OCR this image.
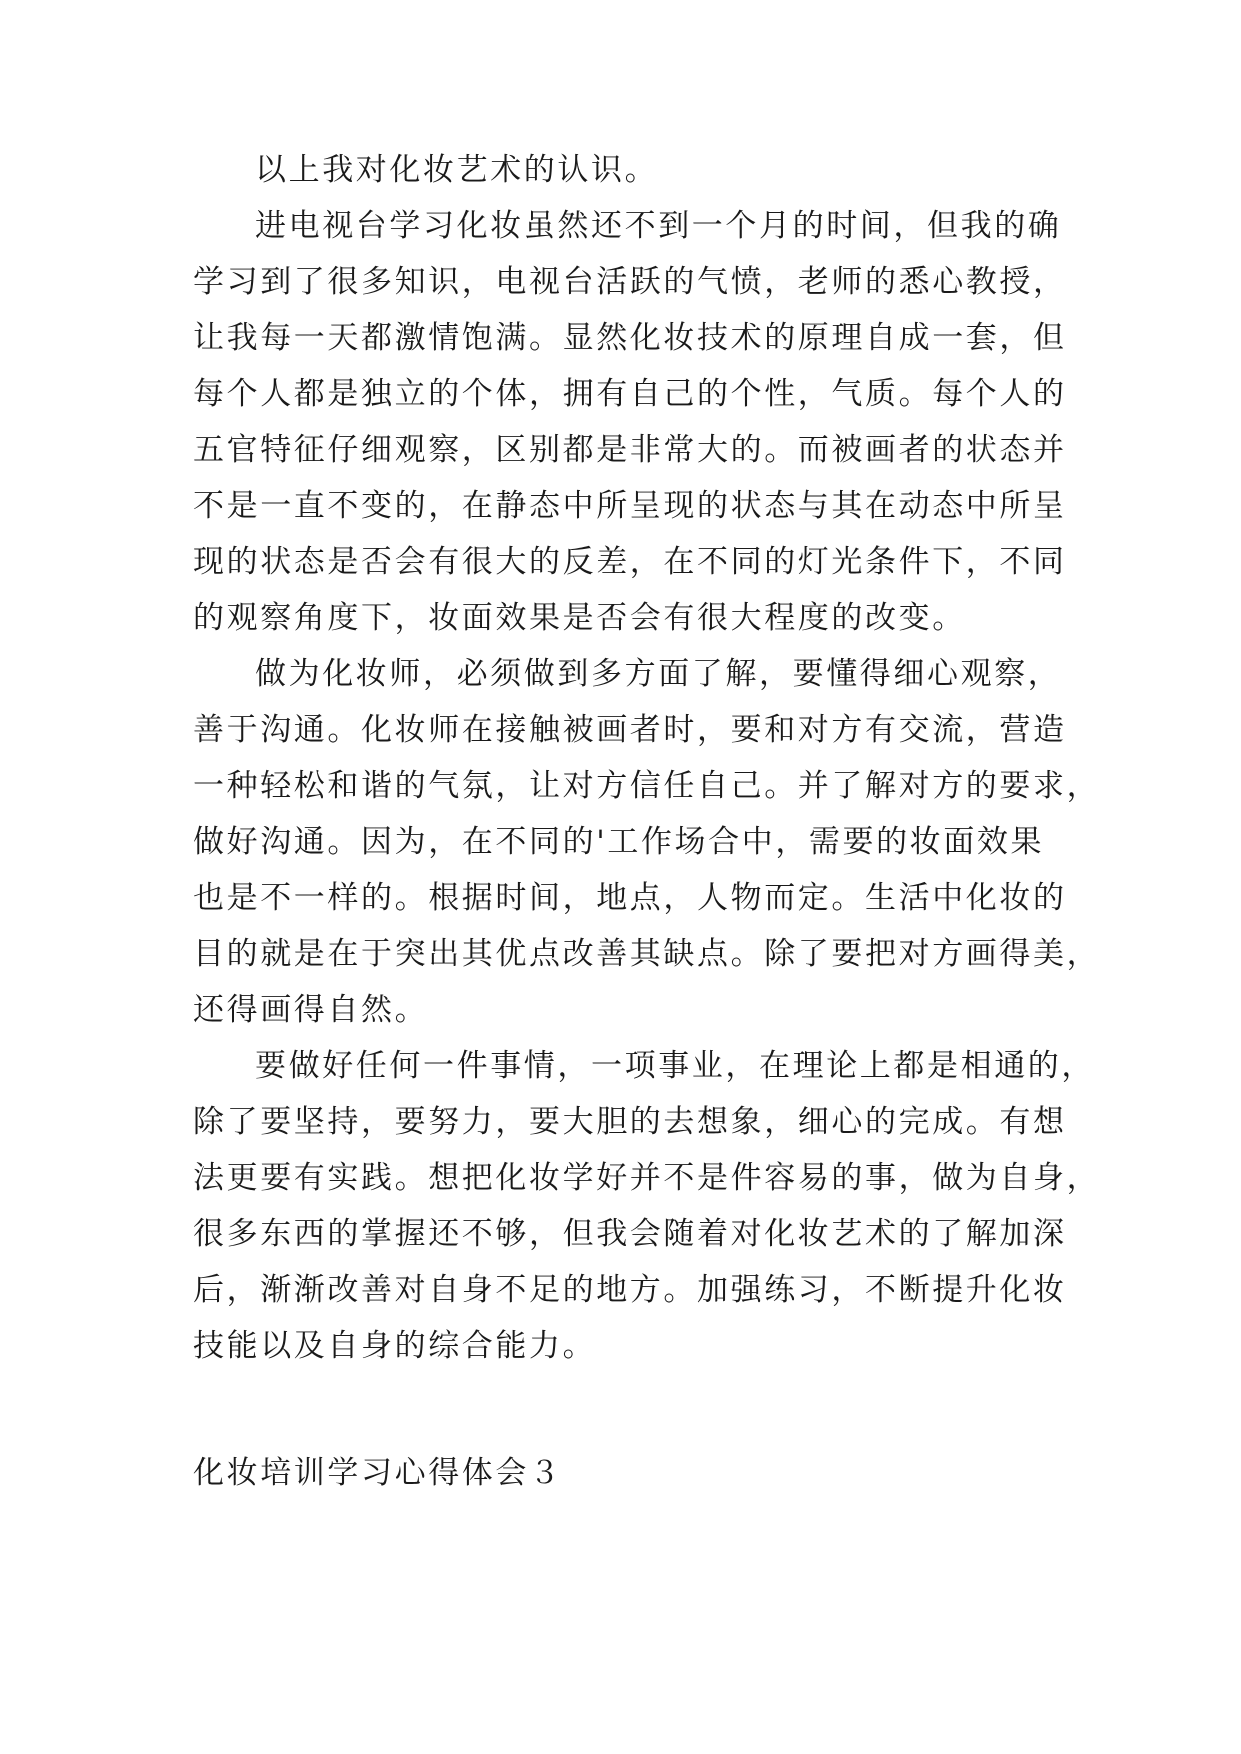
以上我对化妆艺术的认识。

进电视台学习化妆虽然还不到一个月的时间，但我的确

学习到了很多知识，电视台活跃的气愤，老师的悉心教授，

让我每一天都激情饱满。显然化妆技术的原理自成一套，但

每个人都是独立的个体，拥有自己的个性，气质。每个人的

五官特征仔细观察，区别都是非常大的。而被画者的状态并

不是一直不变的，在静态中所呈现的状态与其在动态中所呈

现的状态是否会有很大的反差，在不同的灯光条件下，不同

的观察角度下，妆面效果是否会有很大程度的改变。

做为化妆师，必须做到多方面了解，要懂得细心观察，

善于沟通。化妆师在接触被画者时，要和对方有交流，营造

一种轻松和谐的气氛，让对方信任自己。并了解对方的要求，

做好沟通。因为，在不同的'工作场合中，需要的妆面效果

也是不一样的。根据时间，地点，人物而定。生活中化妆的

目的就是在于突出其优点改善其缺点。除了要把对方画得美，

还得画得自然。

要做好任何一件事情，一项事业，在理论上都是相通的，

除了要坚持，要努力，要大胆的去想象，细心的完成。有想

法更要有实践。想把化妆学好并不是件容易的事，做为自身，

很多东西的掌握还不够，但我会随着对化妆艺术的了解加深

后，渐渐改善对自身不足的地方。加强练习，不断提升化妆

技能以及自身的综合能力。

化妆培训学习心得体会３
